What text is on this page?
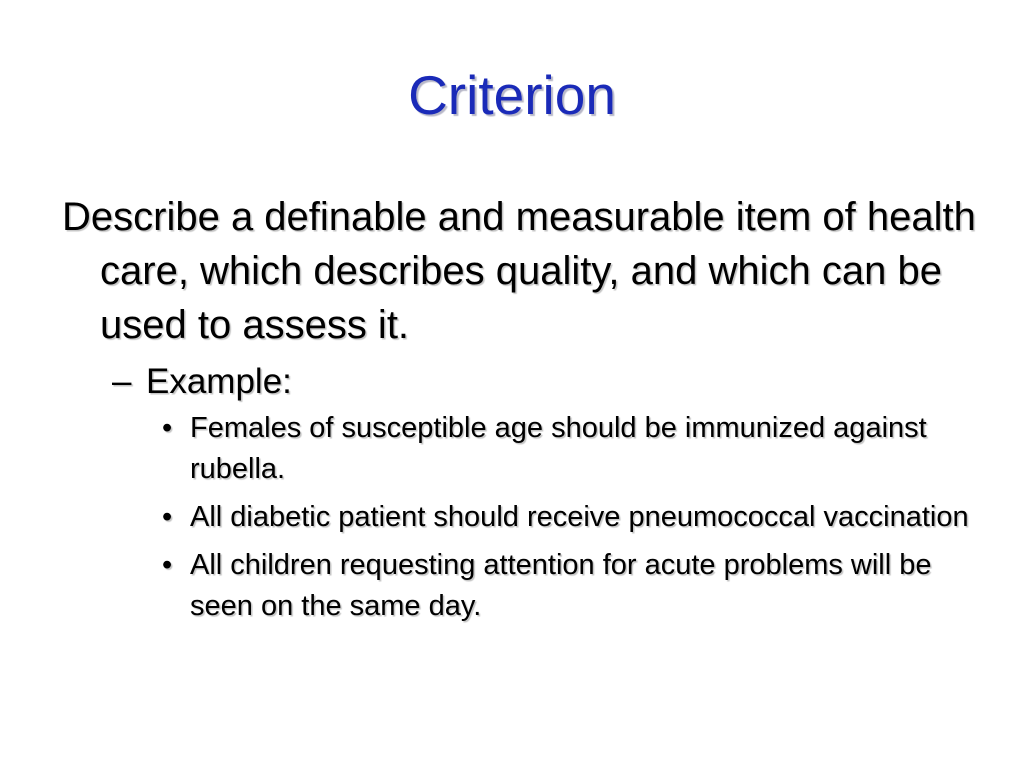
Criterion

Describe a definable and measurable item of health care, which describes quality, and which can be used to assess it.

– Example:
• Females of susceptible age should be immunized against rubella.
• All diabetic patient should receive pneumococcal vaccination
• All children requesting attention for acute problems will be seen on the same day.
